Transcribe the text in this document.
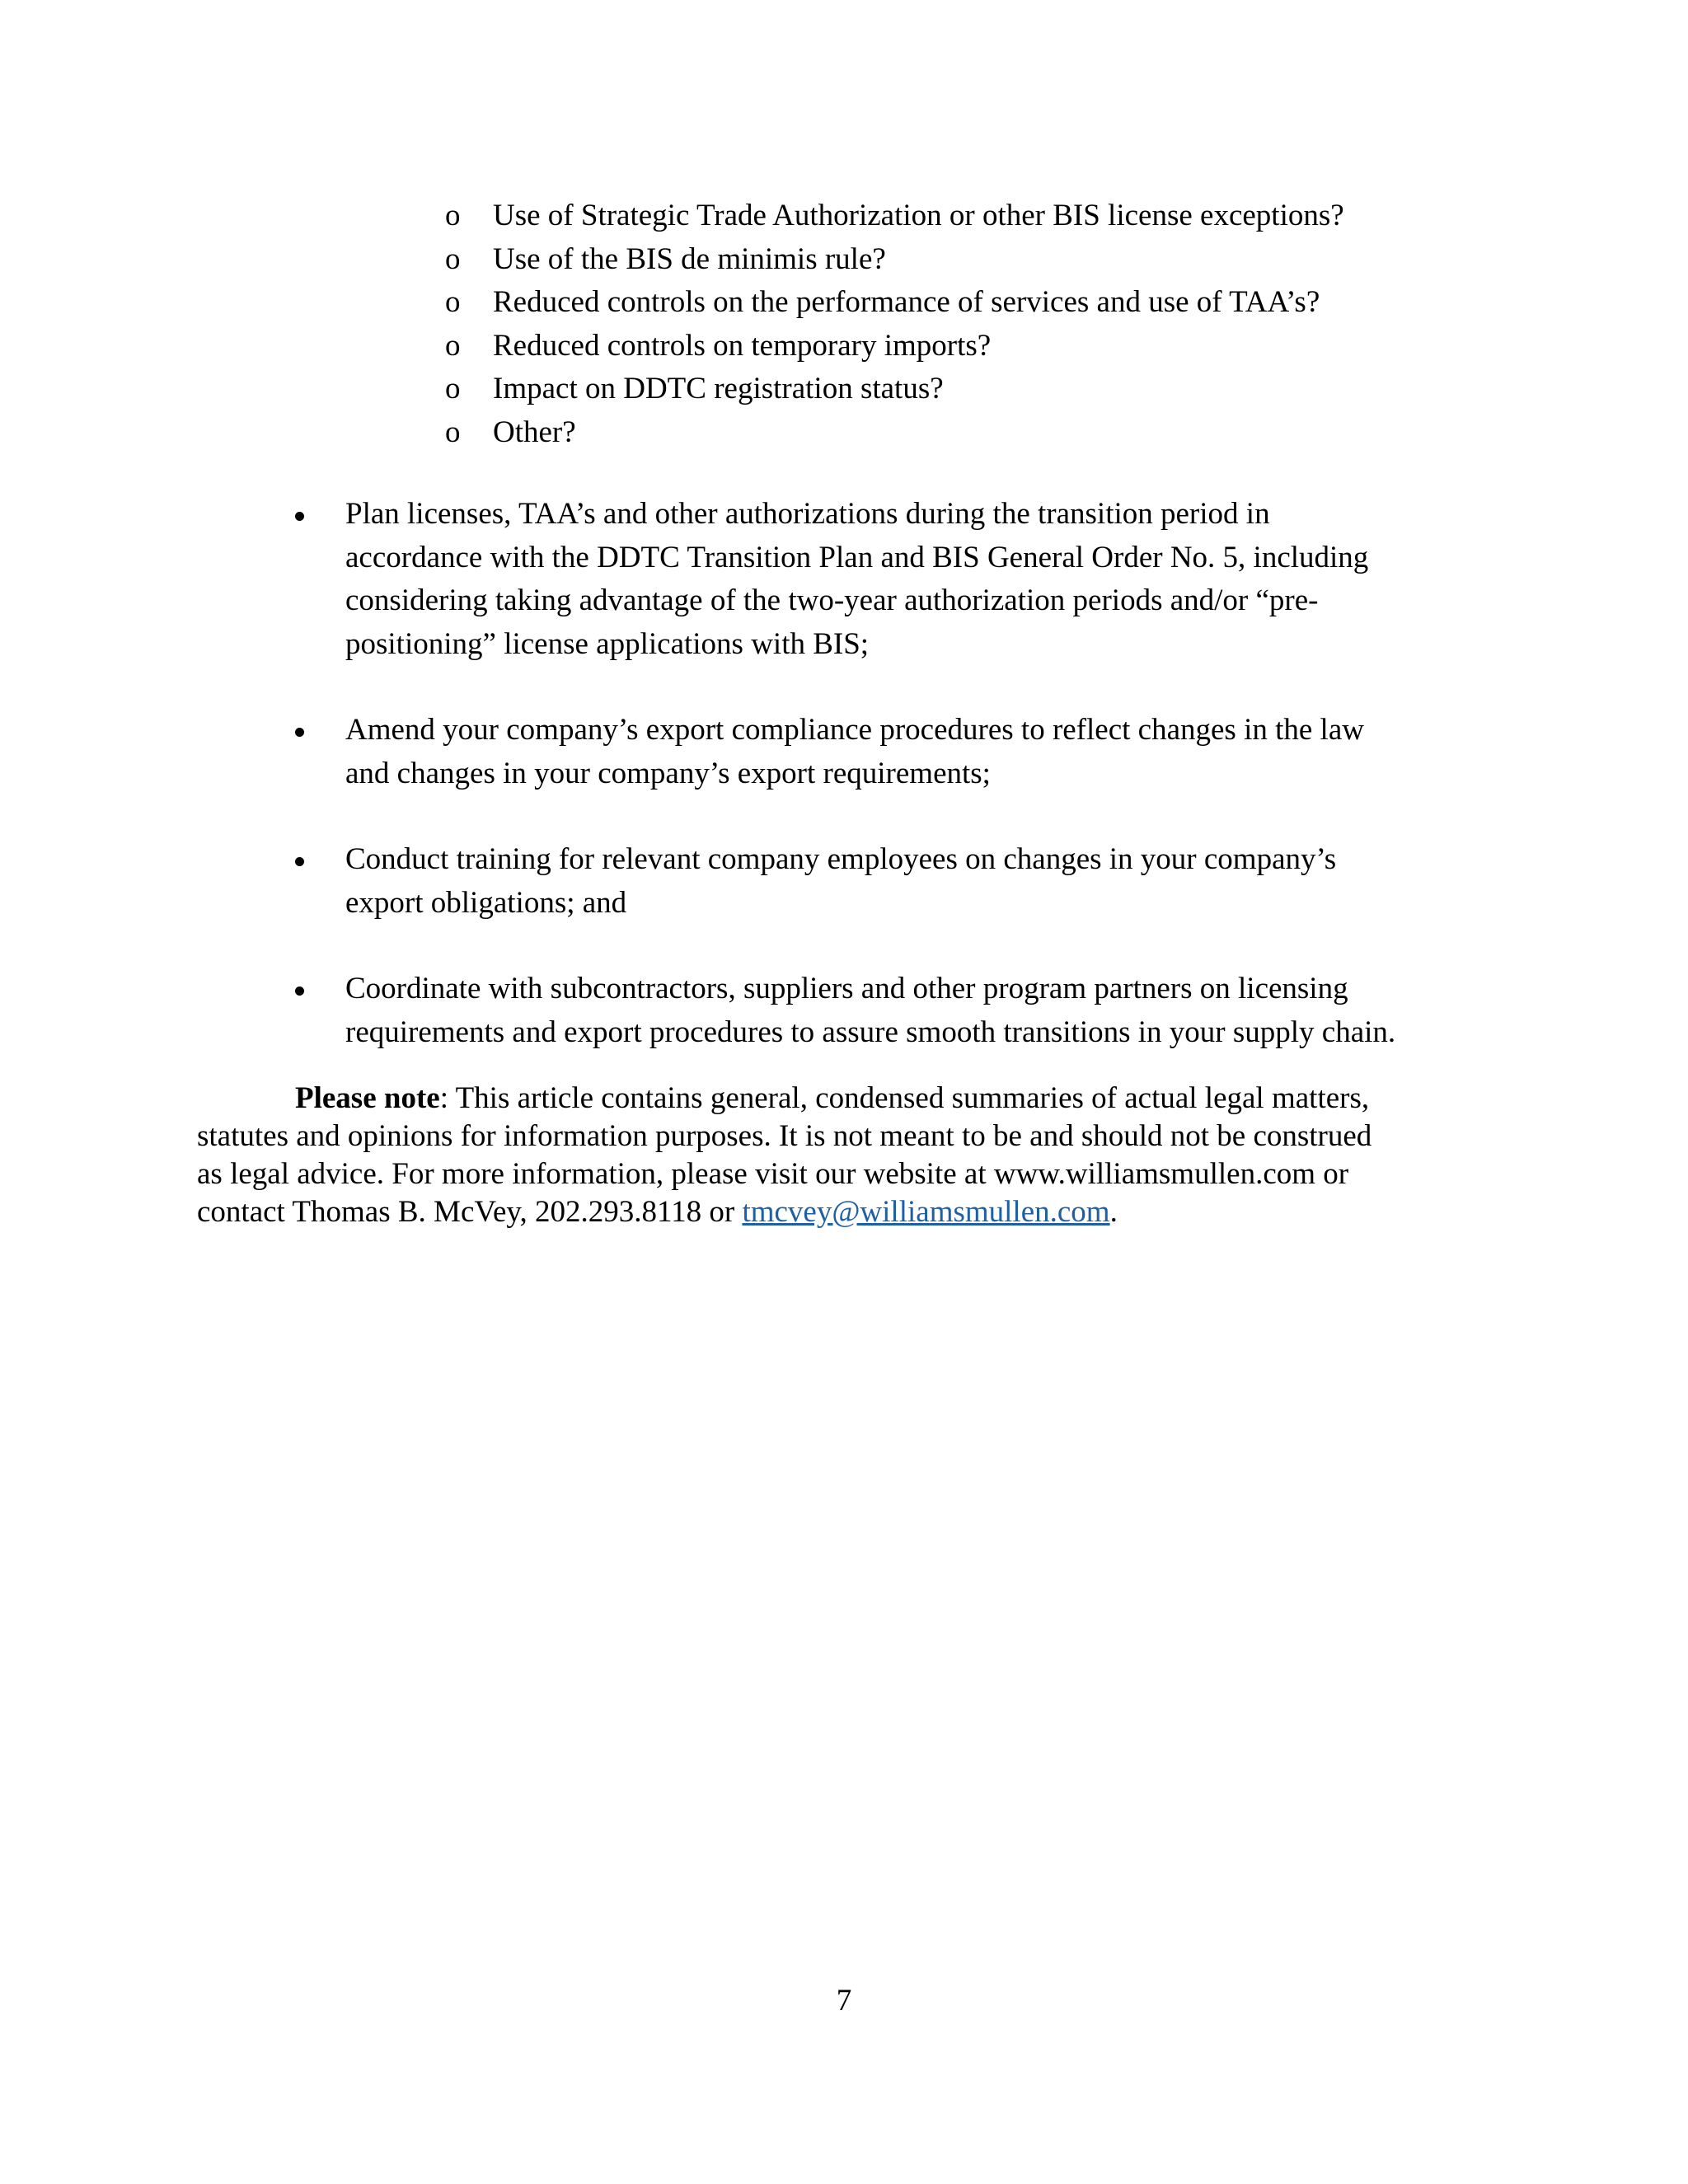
o Use of Strategic Trade Authorization or other BIS license exceptions?
o Use of the BIS de minimis rule?
o Reduced controls on the performance of services and use of TAA’s?
o Reduced controls on temporary imports?
o Impact on DDTC registration status?
o Other?
Plan licenses, TAA’s and other authorizations during the transition period in
accordance with the DDTC Transition Plan and BIS General Order No. 5, including
considering taking advantage of the two-year authorization periods and/or “pre-
positioning” license applications with BIS;
Amend your company’s export compliance procedures to reflect changes in the law
and changes in your company’s export requirements;
Conduct training for relevant company employees on changes in your company’s
export obligations; and
Coordinate with subcontractors, suppliers and other program partners on licensing
requirements and export procedures to assure smooth transitions in your supply chain.

Please note: This article contains general, condensed summaries of actual legal matters,
statutes and opinions for information purposes. It is not meant to be and should not be construed
as legal advice. For more information, please visit our website at www.williamsmullen.com or
contact Thomas B. McVey, 202.293.8118 or tmcvey@williamsmullen.com.

7
